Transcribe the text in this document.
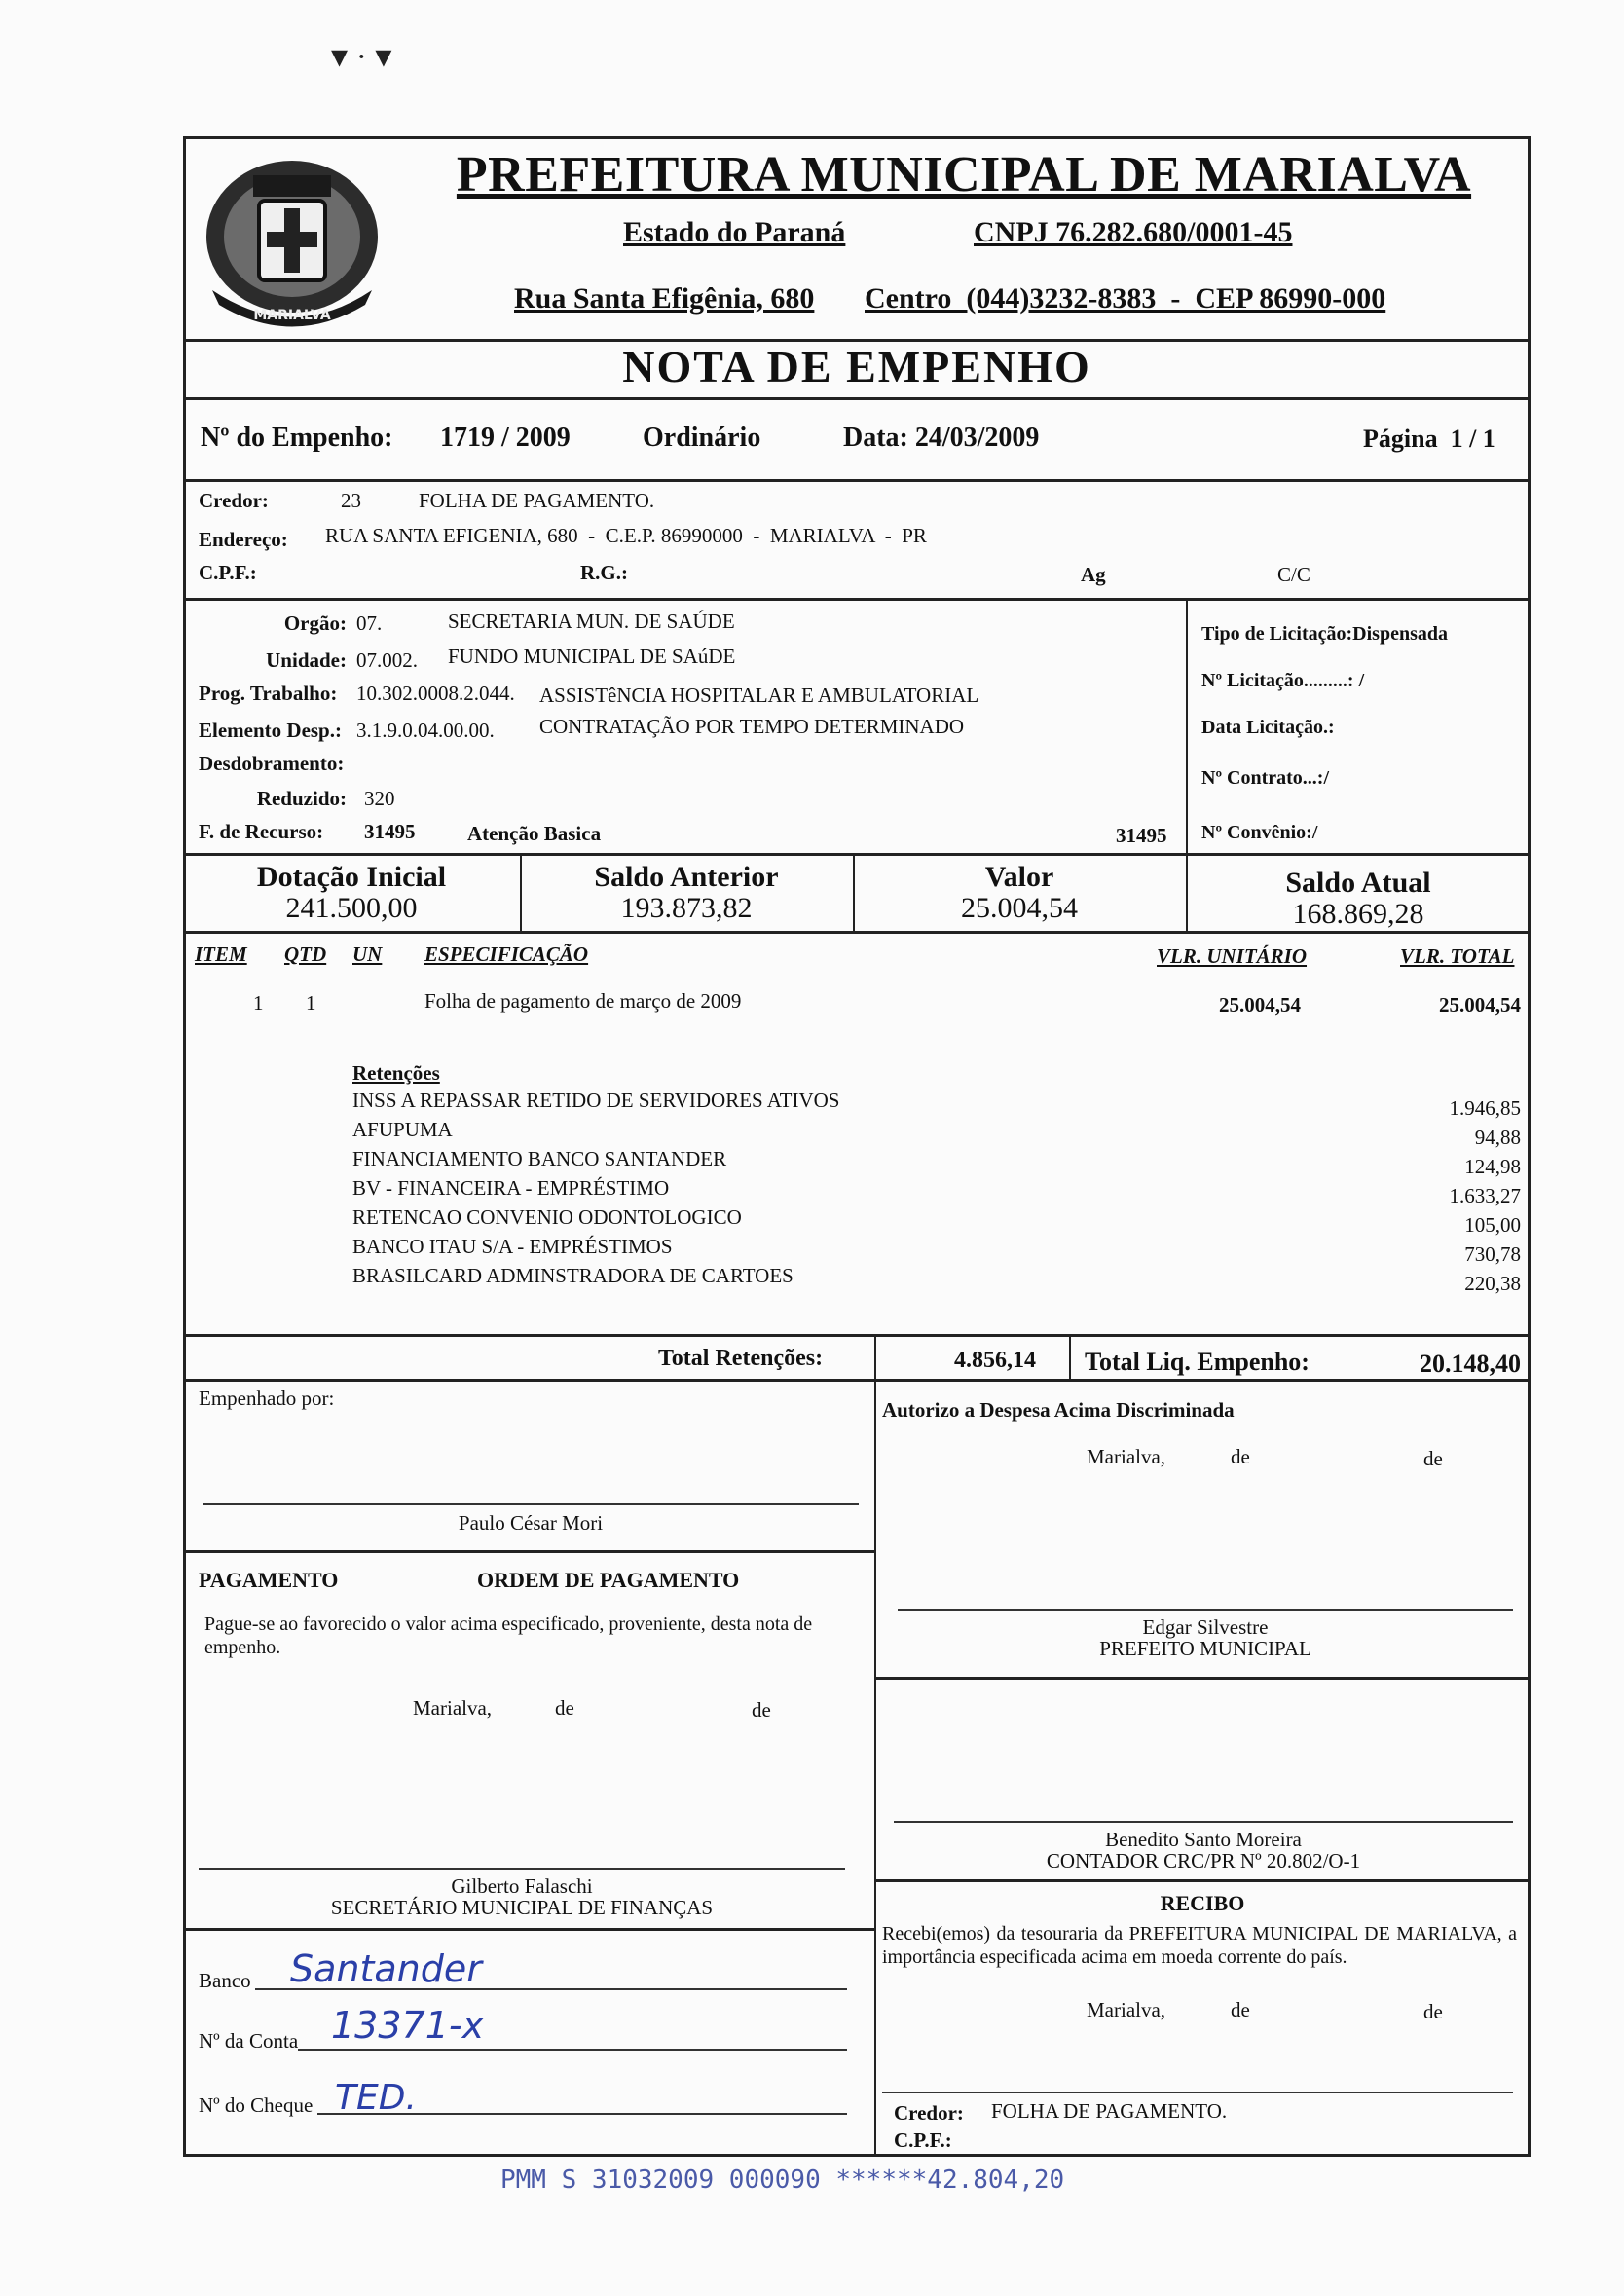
▾ · ▾
MARIALVA
PREFEITURA MUNICIPAL DE MARIALVA
Estado do Paraná	CNPJ 76.282.680/0001-45
Rua Santa Efigênia, 680 Centro  (044)3232-8383  -  CEP 86990-000
NOTA DE EMPENHO
Nº do Empenho: 1719 / 2009	Ordinário	Data: 24/03/2009	Página  1 / 1
Credor:	23	FOLHA DE PAGAMENTO.
Endereço: RUA SANTA EFIGENIA, 680  -  C.E.P. 86990000  -  MARIALVA  -  PR
C.P.F.:	R.G.:	Ag	C/C
Orgão: 07.	SECRETARIA MUN. DE SAÚDE
Unidade: 07.002. FUNDO MUNICIPAL DE SAúDE
Prog. Trabalho: 10.302.0008.2.044. ASSISTêNCIA HOSPITALAR E AMBULATORIAL
Elemento Desp.: 3.1.9.0.04.00.00. CONTRATAÇÃO POR TEMPO DETERMINADO
Desdobramento:
Reduzido: 320
F. de Recurso: 31495	Atenção Basica	31495
Tipo de Licitação:Dispensada
Nº Licitação.........: /
Data Licitação.:
Nº Contrato...:/
Nº Convênio:/
Dotação Inicial
241.500,00
Saldo Anterior
193.873,82
Valor
25.004,54
Saldo Atual
168.869,28
ITEM QTD UN ESPECIFICAÇÃO	VLR. UNITÁRIO	VLR. TOTAL
1 1	Folha de pagamento de março de 2009	25.004,54	25.004,54
Retenções
INSS A REPASSAR RETIDO DE SERVIDORES ATIVOS	1.946,85
AFUPUMA	94,88
FINANCIAMENTO BANCO SANTANDER	124,98
BV - FINANCEIRA - EMPRÉSTIMO	1.633,27
RETENCAO CONVENIO ODONTOLOGICO	105,00
BANCO ITAU S/A - EMPRÉSTIMOS	730,78
BRASILCARD ADMINSTRADORA DE CARTOES	220,38
Total Retenções:	4.856,14 Total Liq. Empenho:	20.148,40
Empenhado por:
Paulo César Mori
Autorizo a Despesa Acima Discriminada
Marialva,	de	de
PAGAMENTO	ORDEM DE PAGAMENTO
Pague-se ao favorecido o valor acima especificado, proveniente, desta nota de empenho.
Marialva,	de	de
Edgar Silvestre
PREFEITO MUNICIPAL
Benedito Santo Moreira
CONTADOR CRC/PR Nº 20.802/O-1
Gilberto Falaschi
SECRETÁRIO MUNICIPAL DE FINANÇAS	RECIBO
Recebi(emos) da tesouraria da PREFEITURA MUNICIPAL DE MARIALVA, a importância especificada acima em moeda corrente do país.
Marialva,	de	de
Credor: FOLHA DE PAGAMENTO.
C.P.F.:
Banco Santander
Nº da Conta 13371-x
Nº do Cheque TED.
PMM S 31032009 000090 ******42.804,20
